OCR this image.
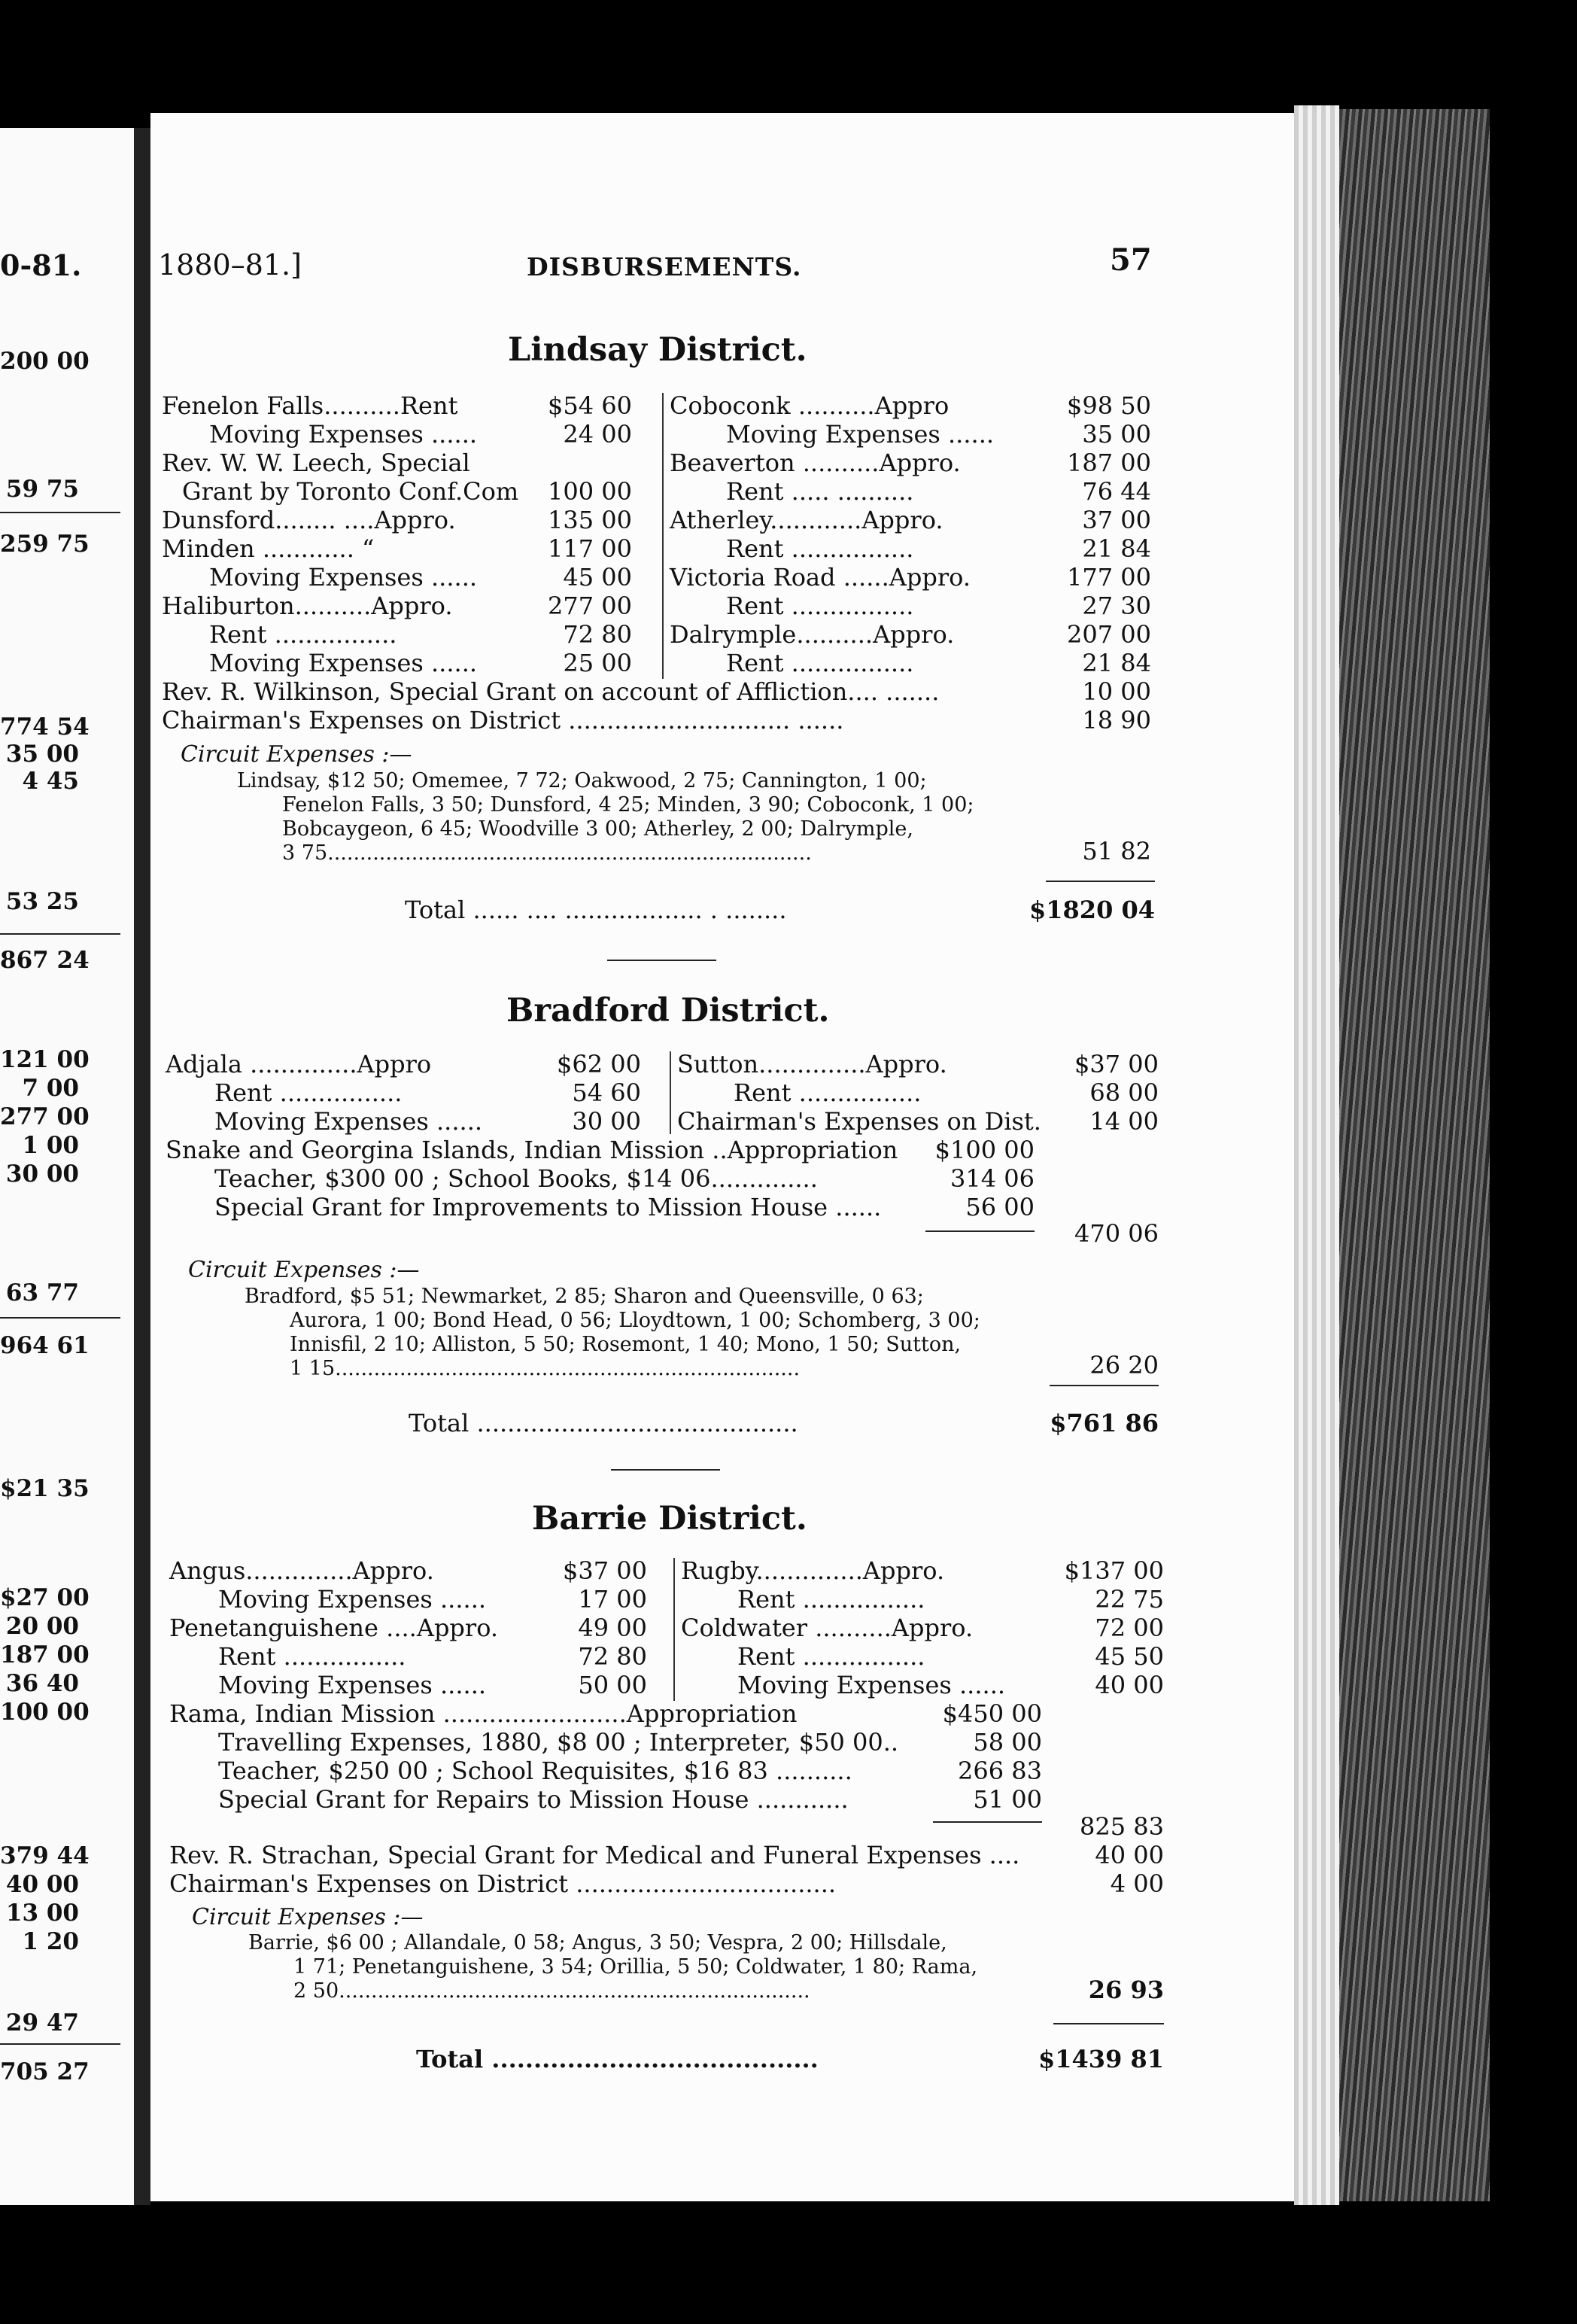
0-81.
200 00
59 75
259 75
774 54
35 00
4 45
53 25
867 24
121 00
7 00
277 00
1 00
30 00
63 77
964 61
$21 35
$27 00
20 00
187 00
36 40
100 00
379 44
40 00
13 00
1 20
29 47
705 27
1880–81.]	DISBURSEMENTS.	57
Lindsay District.
Fenelon Falls..........Rent	$54 60
Moving Expenses ......	24 00
Rev. W. W. Leech, Special
Grant by Toronto Conf.Com	100 00
Dunsford........ ....Appro.	135 00
Minden ............ “	117 00
Moving Expenses ......	45 00
Haliburton..........Appro.	277 00
Rent ................	72 80
Moving Expenses ......	25 00
Coboconk ..........Appro	$98 50
Moving Expenses ......	35 00
Beaverton ..........Appro.	187 00
Rent ..... ..........	76 44
Atherley............Appro.	37 00
Rent ................	21 84
Victoria Road ......Appro.	177 00
Rent ................	27 30
Dalrymple..........Appro.	207 00
Rent ................	21 84
Rev. R. Wilkinson, Special Grant on account of Affliction.... .......	10 00
Chairman's Expenses on District ............................. ......	18 90
Circuit Expenses :—
Lindsay, $12 50; Omemee, 7 72; Oakwood, 2 75; Cannington, 1 00;
Fenelon Falls, 3 50; Dunsford, 4 25; Minden, 3 90; Coboconk, 1 00;
Bobcaygeon, 6 45; Woodville 3 00; Atherley, 2 00; Dalrymple,
3 75...........................................................................	51 82
Total ...... .... .................. . ........	$1820 04
Bradford District.
Adjala ..............Appro	$62 00
Rent ................	54 60
Moving Expenses ......	30 00
Sutton..............Appro.	$37 00
Rent ................	68 00
Chairman's Expenses on Dist.	14 00
Snake and Georgina Islands, Indian Mission ..Appropriation	$100 00
Teacher, $300 00 ; School Books, $14 06..............	314 06
Special Grant for Improvements to Mission House ......	56 00
470 06
Circuit Expenses :—
Bradford, $5 51; Newmarket, 2 85; Sharon and Queensville, 0 63;
Aurora, 1 00; Bond Head, 0 56; Lloydtown, 1 00; Schomberg, 3 00;
Innisfil, 2 10; Alliston, 5 50; Rosemont, 1 40; Mono, 1 50; Sutton,
1 15........................................................................	26 20
Total ..........................................	$761 86
Barrie District.
Angus..............Appro.	$37 00
Moving Expenses ......	17 00
Penetanguishene ....Appro.	49 00
Rent ................	72 80
Moving Expenses ......	50 00
Rugby..............Appro.	$137 00
Rent ................	22 75
Coldwater ..........Appro.	72 00
Rent ................	45 50
Moving Expenses ......	40 00
Rama, Indian Mission ........................Appropriation	$450 00
Travelling Expenses, 1880, $8 00 ; Interpreter, $50 00..	58 00
Teacher, $250 00 ; School Requisites, $16 83 ..........	266 83
Special Grant for Repairs to Mission House ............	51 00
825 83
Rev. R. Strachan, Special Grant for Medical and Funeral Expenses ....	40 00
Chairman's Expenses on District ..................................	4 00
Circuit Expenses :—
Barrie, $6 00 ; Allandale, 0 58; Angus, 3 50; Vespra, 2 00; Hillsdale,
1 71; Penetanguishene, 3 54; Orillia, 5 50; Coldwater, 1 80; Rama,
2 50.........................................................................	26 93
Total .......................................	$1439 81
